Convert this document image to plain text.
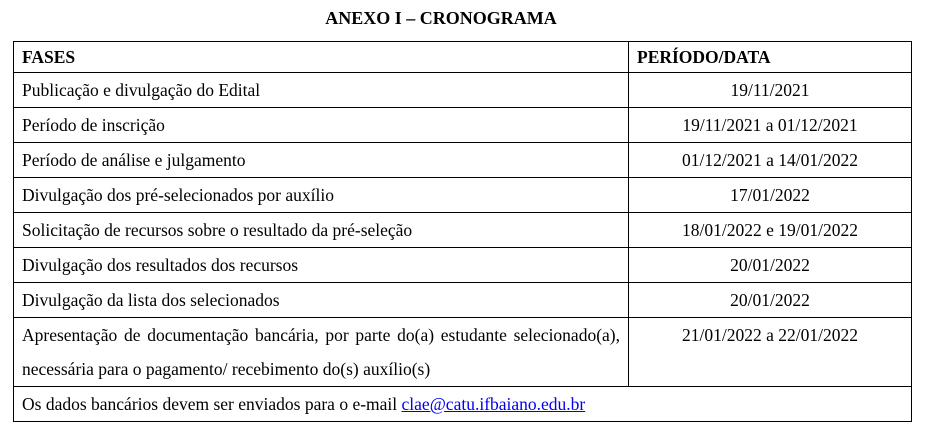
ANEXO I – CRONOGRAMA
FASES	PERÍODO/DATA
Publicação e divulgação do Edital	19/11/2021
Período de inscrição	19/11/2021 a 01/12/2021
Período de análise e julgamento	01/12/2021 a 14/01/2022
Divulgação dos pré-selecionados por auxílio	17/01/2022
Solicitação de recursos sobre o resultado da pré-seleção	18/01/2022 e 19/01/2022
Divulgação dos resultados dos recursos	20/01/2022
Divulgação da lista dos selecionados	20/01/2022
Apresentação de documentação bancária, por parte do(a) estudante selecionado(a), necessária para o pagamento/ recebimento do(s) auxílio(s)	21/01/2022 a 22/01/2022
Os dados bancários devem ser enviados para o e-mail clae@catu.ifbaiano.edu.br	
